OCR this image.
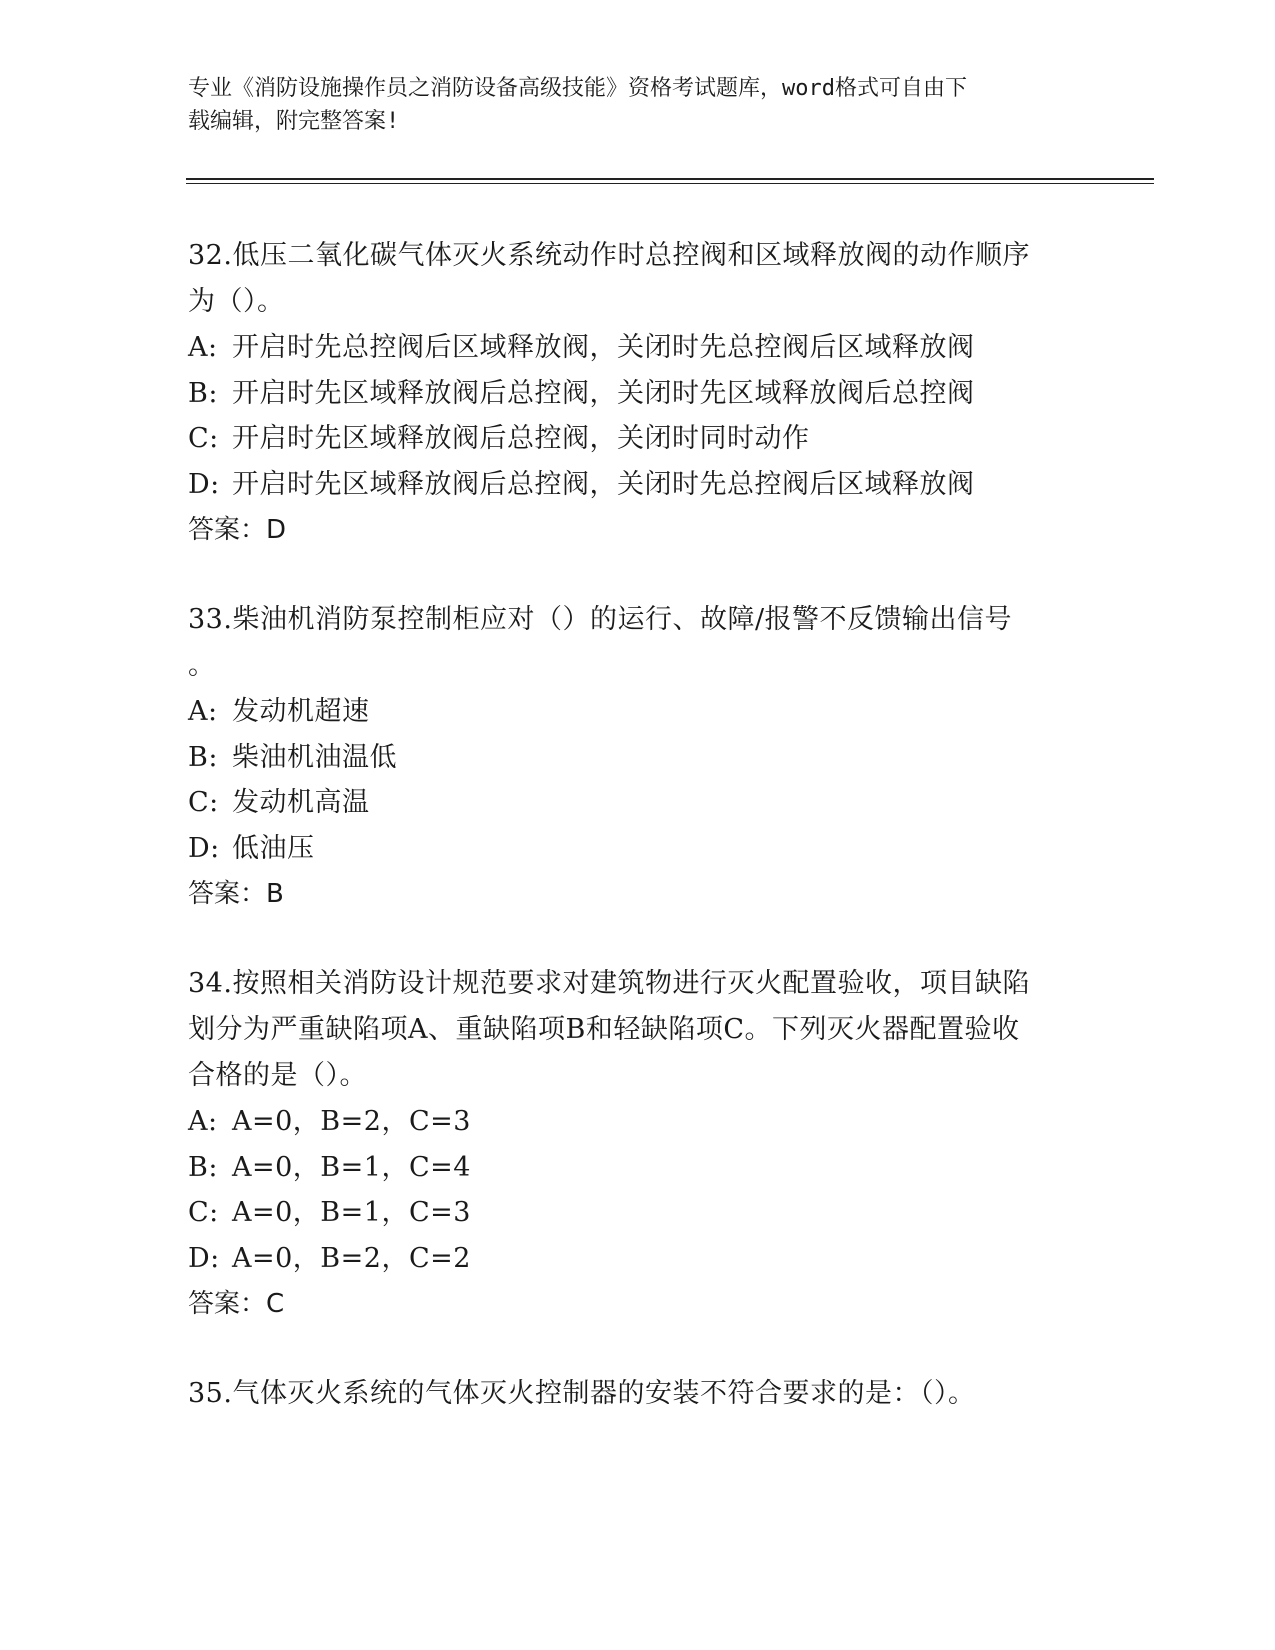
专业《消防设施操作员之消防设备高级技能》资格考试题库，word格式可自由下
载编辑，附完整答案!

32.低压二氧化碳气体灭火系统动作时总控阀和区域释放阀的动作顺序

为（）。

A: 开启时先总控阀后区域释放阀，关闭时先总控阀后区域释放阀

B: 开启时先区域释放阀后总控阀，关闭时先区域释放阀后总控阀

C: 开启时先区域释放阀后总控阀，关闭时同时动作

D: 开启时先区域释放阀后总控阀，关闭时先总控阀后区域释放阀

答案：D

33.柴油机消防泵控制柜应对（）的运行、故障/报警不反馈输出信号

。

A: 发动机超速

B: 柴油机油温低

C: 发动机高温

D: 低油压

答案：B

34.按照相关消防设计规范要求对建筑物进行灭火配置验收，项目缺陷

划分为严重缺陷项A、重缺陷项B和轻缺陷项C。下列灭火器配置验收

合格的是（）。

A: A=0，B=2，C=3

B: A=0，B=1，C=4

C: A=0，B=1，C=3

D: A=0，B=2，C=2

答案：C

35.气体灭火系统的气体灭火控制器的安装不符合要求的是：（）。
